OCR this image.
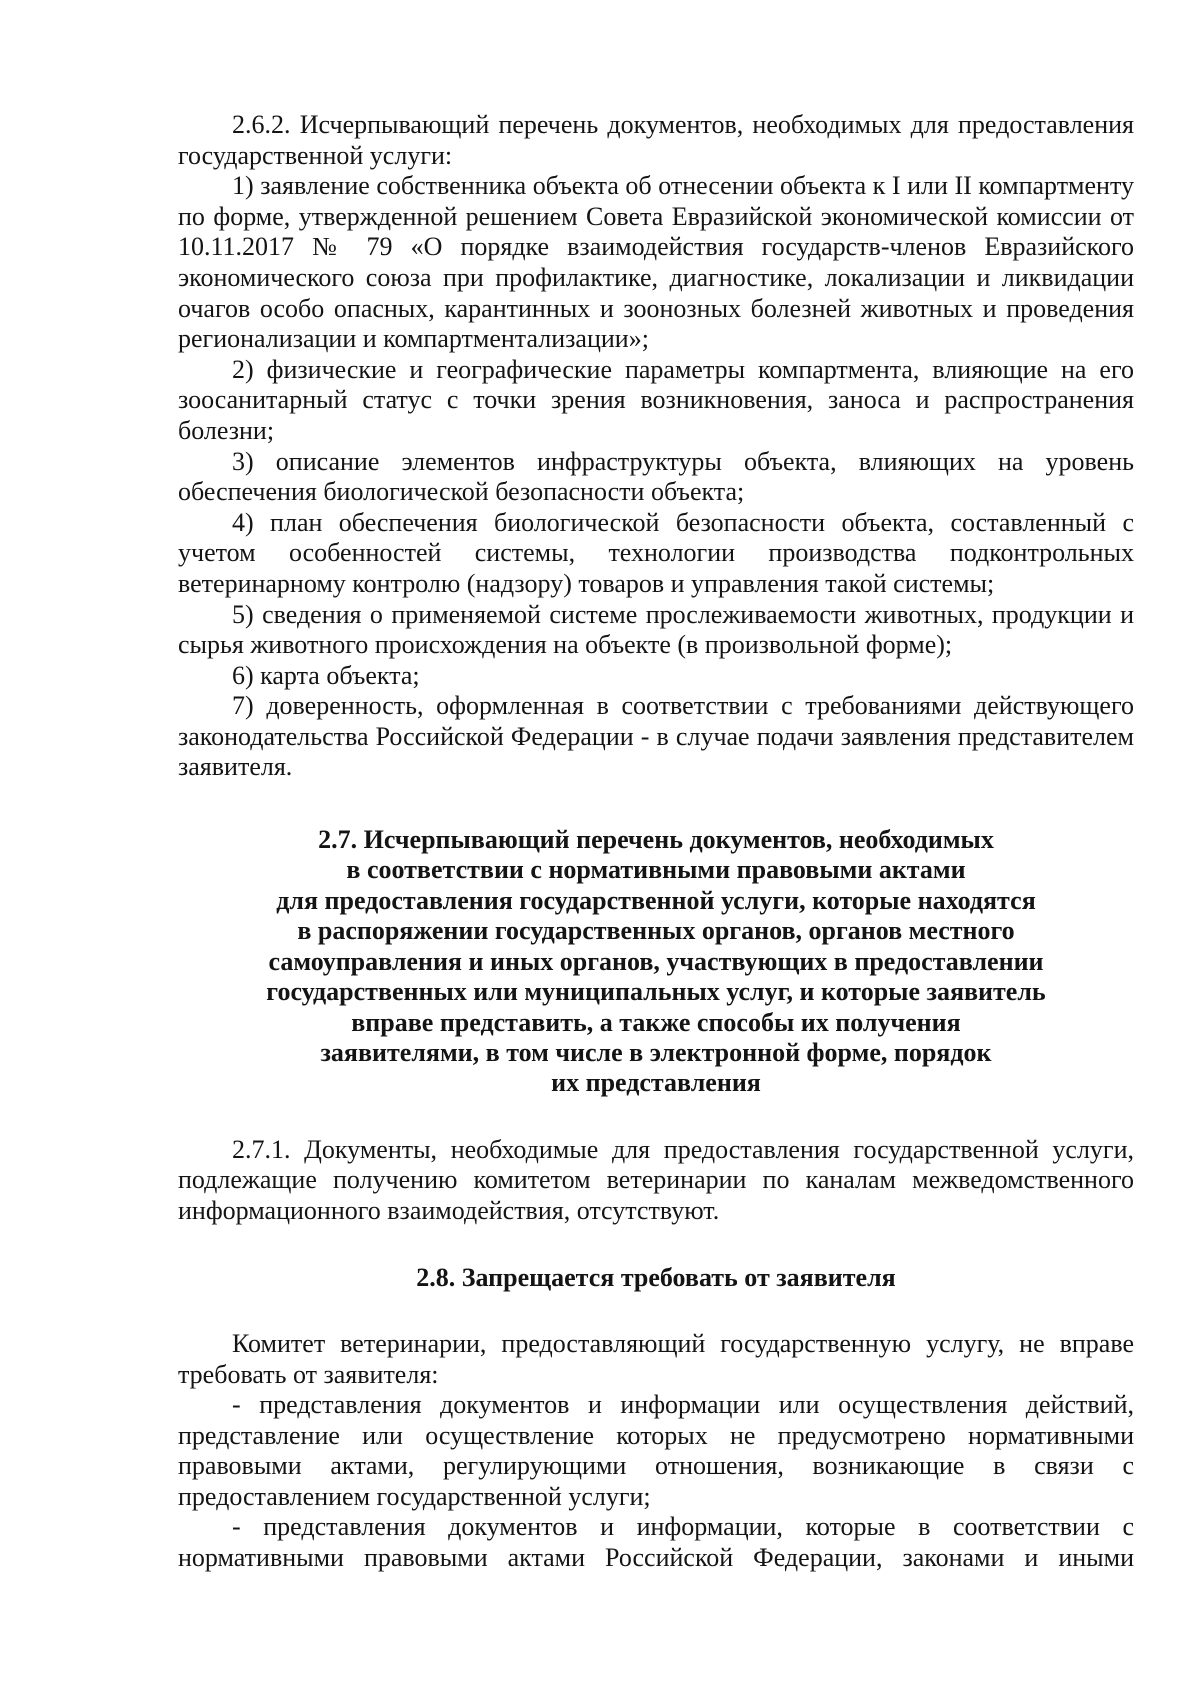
2.6.2. Исчерпывающий перечень документов, необходимых для предоставления государственной услуги:

1) заявление собственника объекта об отнесении объекта к I или II компартменту по форме, утвержденной решением Совета Евразийской экономической комиссии от 10.11.2017 № 79 «О порядке взаимодействия государств-членов Евразийского экономического союза при профилактике, диагностике, локализации и ликвидации очагов особо опасных, карантинных и зоонозных болезней животных и проведения регионализации и компартментализации»;

2) физические и географические параметры компартмента, влияющие на его зоосанитарный статус с точки зрения возникновения, заноса и распространения болезни;

3) описание элементов инфраструктуры объекта, влияющих на уровень обеспечения биологической безопасности объекта;

4) план обеспечения биологической безопасности объекта, составленный с учетом особенностей системы, технологии производства подконтрольных ветеринарному контролю (надзору) товаров и управления такой системы;

5) сведения о применяемой системе прослеживаемости животных, продукции и сырья животного происхождения на объекте (в произвольной форме);

6) карта объекта;

7) доверенность, оформленная в соответствии с требованиями действующего законодательства Российской Федерации - в случае подачи заявления представителем заявителя.

2.7. Исчерпывающий перечень документов, необходимых
в соответствии с нормативными правовыми актами
для предоставления государственной услуги, которые находятся
в распоряжении государственных органов, органов местного
самоуправления и иных органов, участвующих в предоставлении
государственных или муниципальных услуг, и которые заявитель
вправе представить, а также способы их получения
заявителями, в том числе в электронной форме, порядок
их представления

2.7.1. Документы, необходимые для предоставления государственной услуги, подлежащие получению комитетом ветеринарии по каналам межведомственного информационного взаимодействия, отсутствуют.

2.8. Запрещается требовать от заявителя

Комитет ветеринарии, предоставляющий государственную услугу, не вправе требовать от заявителя:

- представления документов и информации или осуществления действий, представление или осуществление которых не предусмотрено нормативными правовыми актами, регулирующими отношения, возникающие в связи с предоставлением государственной услуги;

- представления документов и информации, которые в соответствии с нормативными правовыми актами Российской Федерации, законами и иными
